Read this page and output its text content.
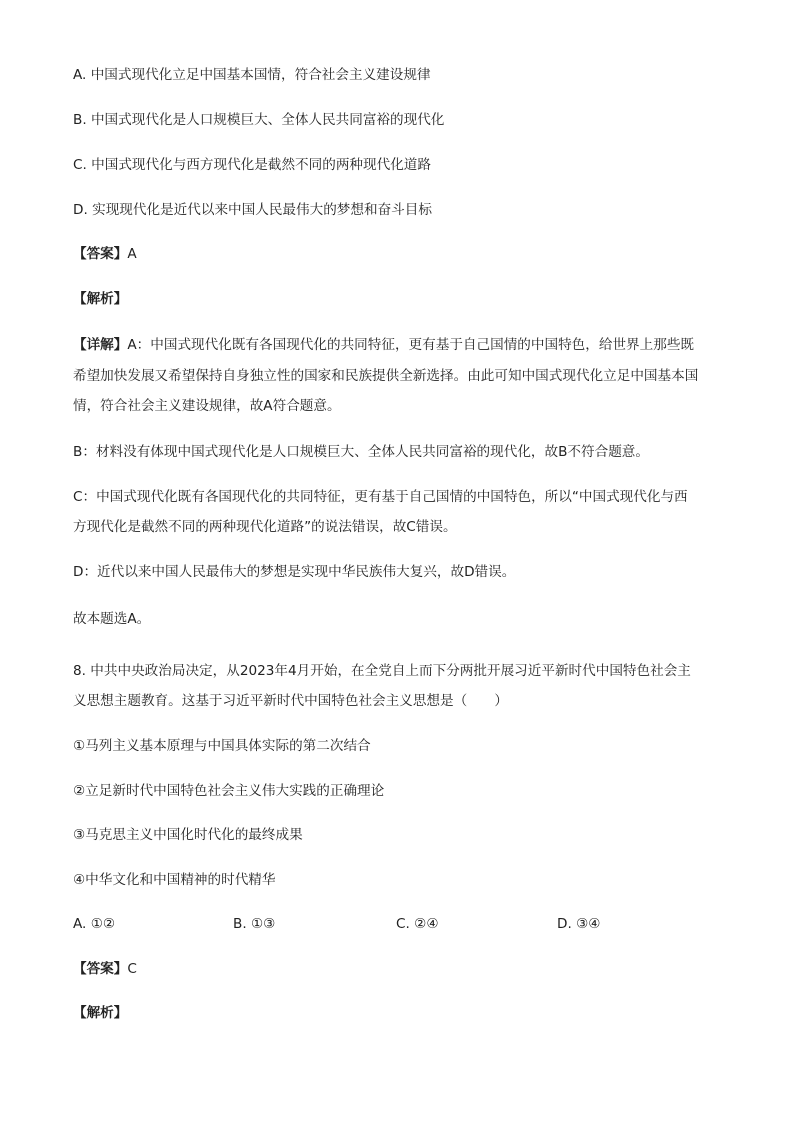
A. 中国式现代化立足中国基本国情，符合社会主义建设规律
B. 中国式现代化是人口规模巨大、全体人民共同富裕的现代化
C. 中国式现代化与西方现代化是截然不同的两种现代化道路
D. 实现现代化是近代以来中国人民最伟大的梦想和奋斗目标
【答案】A
【解析】
【详解】A：中国式现代化既有各国现代化的共同特征，更有基于自己国情的中国特色，给世界上那些既
希望加快发展又希望保持自身独立性的国家和民族提供全新选择。由此可知中国式现代化立足中国基本国
情，符合社会主义建设规律，故A符合题意。
B：材料没有体现中国式现代化是人口规模巨大、全体人民共同富裕的现代化，故B不符合题意。
C：中国式现代化既有各国现代化的共同特征，更有基于自己国情的中国特色，所以“中国式现代化与西
方现代化是截然不同的两种现代化道路”的说法错误，故C错误。
D：近代以来中国人民最伟大的梦想是实现中华民族伟大复兴，故D错误。
故本题选A。
8. 中共中央政治局决定，从2023年4月开始，在全党自上而下分两批开展习近平新时代中国特色社会主
义思想主题教育。这基于习近平新时代中国特色社会主义思想是（　　）
①马列主义基本原理与中国具体实际的第二次结合
②立足新时代中国特色社会主义伟大实践的正确理论
③马克思主义中国化时代化的最终成果
④中华文化和中国精神的时代精华
A. ①②	B. ①③	C. ②④	D. ③④
【答案】C
【解析】
